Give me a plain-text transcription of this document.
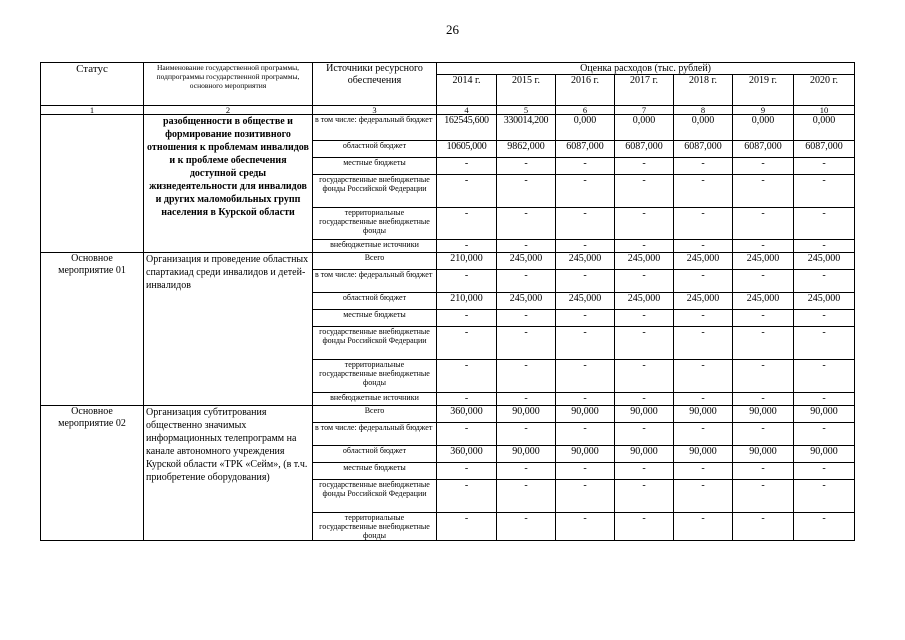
26
Статус	Наименование государственной программы, подпрограммы государственной программы, основного мероприятия	Источники ресурсного обеспечения	Оценка расходов (тыс. рублей)						
			2014 г.	2015 г.	2016 г.	2017 г.	2018 г.	2019 г.	2020 г.
1	2	3	4	5	6	7	8	9	10
	разобщенности в обществе и формирование позитивного отношения к проблемам инвалидов и к проблеме обеспечения доступной среды жизнедеятельности для инвалидов и других маломобильных групп населения в Курской области	в том числе: федеральный бюджет	162545,600	330014,200	0,000	0,000	0,000	0,000	0,000
		областной бюджет	10605,000	9862,000	6087,000	6087,000	6087,000	6087,000	6087,000
		местные бюджеты	-	-	-	-	-	-	-
		государственные внебюджетные фонды Российской Федерации	-	-	-	-	-	-	-
		территориальные государственные внебюджетные фонды	-	-	-	-	-	-	-
		внебюджетные источники	-	-	-	-	-	-	-
Основное мероприятие 01	Организация и проведение областных спартакиад среди инвалидов и детей-инвалидов	Всего	210,000	245,000	245,000	245,000	245,000	245,000	245,000
		в том числе: федеральный бюджет	-	-	-	-	-	-	-
		областной бюджет	210,000	245,000	245,000	245,000	245,000	245,000	245,000
		местные бюджеты	-	-	-	-	-	-	-
		государственные внебюджетные фонды Российской Федерации	-	-	-	-	-	-	-
		территориальные государственные внебюджетные фонды	-	-	-	-	-	-	-
		внебюджетные источники	-	-	-	-	-	-	-
Основное мероприятие 02	Организация субтитрования общественно значимых информационных телепрограмм на канале автономного учреждения Курской области «ТРК «Сейм», (в т.ч. приобретение оборудования)	Всего	360,000	90,000	90,000	90,000	90,000	90,000	90,000
		в том числе: федеральный бюджет	-	-	-	-	-	-	-
		областной бюджет	360,000	90,000	90,000	90,000	90,000	90,000	90,000
		местные бюджеты	-	-	-	-	-	-	-
		государственные внебюджетные фонды Российской Федерации	-	-	-	-	-	-	-
		территориальные государственные внебюджетные фонды	-	-	-	-	-	-	-
